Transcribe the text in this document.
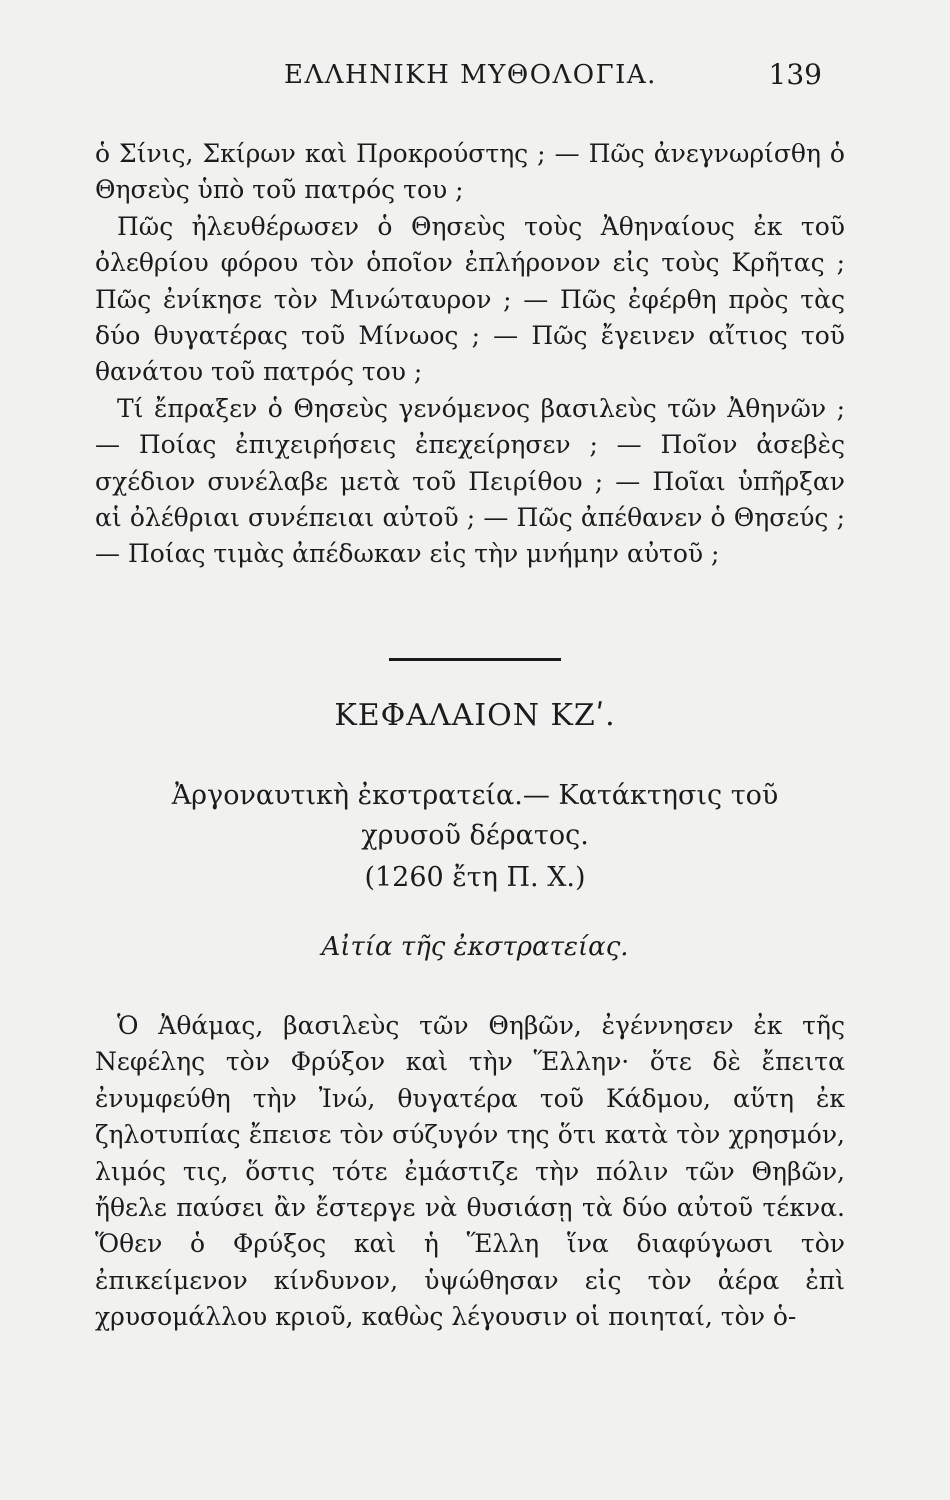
ΕΛΛΗΝΙΚΗ ΜΥΘΟΛΟΓΙΑ.	139

ὁ Σίνις, Σκίρων καὶ Προκρούστης ; — Πῶς ἀνεγνωρίσθη ὁ Θησεὺς ὑπὸ τοῦ πατρός του ;

Πῶς ἠλευθέρωσεν ὁ Θησεὺς τοὺς Ἀθηναίους ἐκ τοῦ ὀλεθρίου φόρου τὸν ὁποῖον ἐπλήρονον εἰς τοὺς Κρῆτας ; Πῶς ἐνίκησε τὸν Μινώταυρον ; — Πῶς ἐφέρθη πρὸς τὰς δύο θυγατέρας τοῦ Μίνωος ; — Πῶς ἔγεινεν αἴτιος τοῦ θανάτου τοῦ πατρός του ;

Τί ἔπραξεν ὁ Θησεὺς γενόμενος βασιλεὺς τῶν Ἀθηνῶν ; — Ποίας ἐπιχειρήσεις ἐπεχείρησεν ; — Ποῖον ἀσεβὲς σχέδιον συνέλαβε μετὰ τοῦ Πειρίθου ; — Ποῖαι ὑπῆρξαν αἱ ὀλέθριαι συνέπειαι αὐτοῦ ; — Πῶς ἀπέθανεν ὁ Θησεύς ; — Ποίας τιμὰς ἀπέδωκαν εἰς τὴν μνήμην αὐτοῦ ;

ΚΕΦΑΛΑΙΟΝ ΚΖʹ.
Ἀργοναυτικὴ ἐκστρατεία.— Κατάκτησις τοῦ
χρυσοῦ δέρατος.
(1260 ἔτη Π. Χ.)
Αἰτία τῆς ἐκστρατείας.

Ὁ Ἀθάμας, βασιλεὺς τῶν Θηβῶν, ἐγέννησεν ἐκ τῆς Νεφέλης τὸν Φρύξον καὶ τὴν Ἕλλην· ὅτε δὲ ἔπειτα ἐνυμφεύθη τὴν Ἰνώ, θυγατέρα τοῦ Κάδμου, αὕτη ἐκ ζηλοτυπίας ἔπεισε τὸν σύζυγόν της ὅτι κατὰ τὸν χρησμόν, λιμός τις, ὅστις τότε ἐμάστιζε τὴν πόλιν τῶν Θηβῶν, ἤθελε παύσει ἂν ἔστεργε νὰ θυσιάσῃ τὰ δύο αὐτοῦ τέκνα. Ὅθεν ὁ Φρύξος καὶ ἡ Ἕλλη ἵνα διαφύγωσι τὸν ἐπικείμενον κίνδυνον, ὑψώθησαν εἰς τὸν ἀέρα ἐπὶ χρυσομάλλου κριοῦ, καθὼς λέγουσιν οἱ ποιηταί, τὸν ὁ-
